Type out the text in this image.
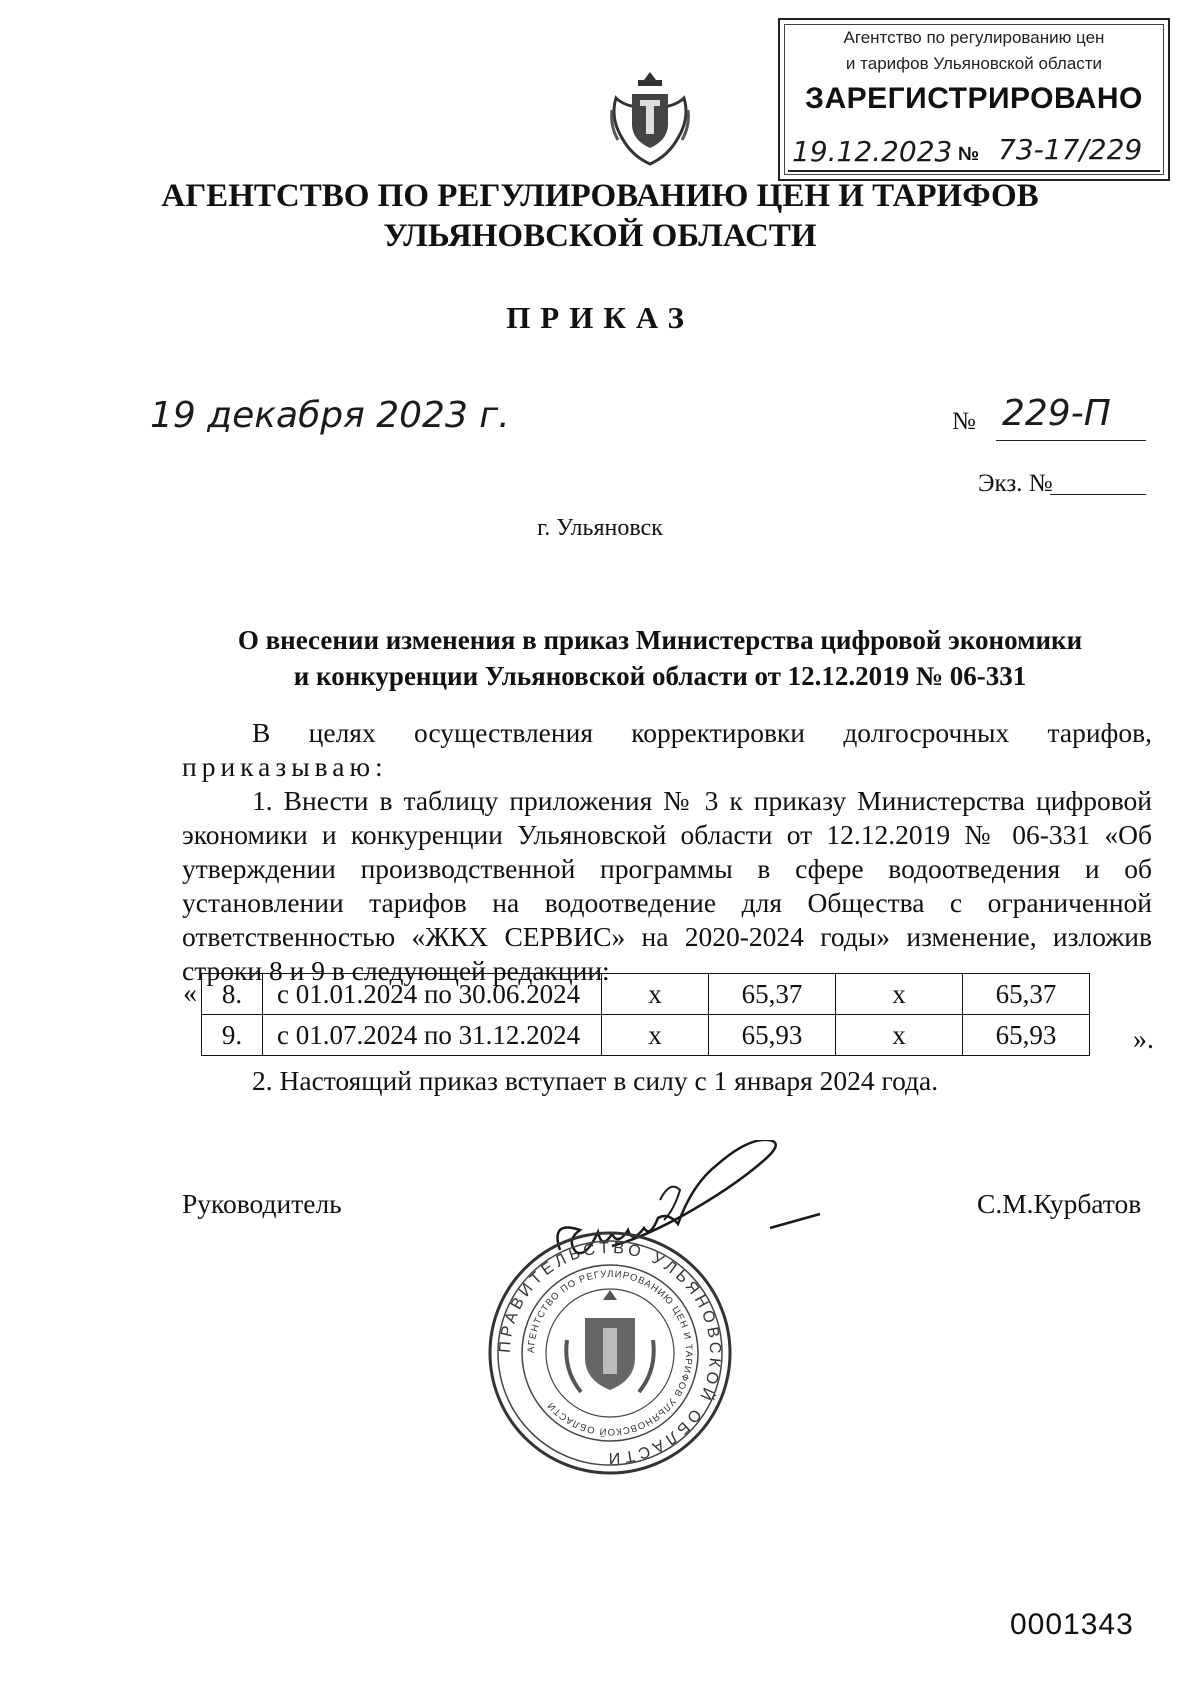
Агентство по регулированию цен
и тарифов Ульяновской области
ЗАРЕГИСТРИРОВАНО
19.12.2023 № 73-17/229
АГЕНТСТВО ПО РЕГУЛИРОВАНИЮ ЦЕН И ТАРИФОВ
УЛЬЯНОВСКОЙ ОБЛАСТИ
ПРИКАЗ
19 декабря 2023 г.	№ 229-П
Экз. №
г. Ульяновск
О внесении изменения в приказ Министерства цифровой экономики
и конкуренции Ульяновской области от 12.12.2019 № 06-331
В целях осуществления корректировки долгосрочных тарифов,
приказываю:
1. Внести в таблицу приложения № 3 к приказу Министерства цифровой экономики и конкуренции Ульяновской области от 12.12.2019 № 06-331 «Об утверждении производственной программы в сфере водоотведения и об установлении тарифов на водоотведение для Общества с ограниченной ответственностью «ЖКХ СЕРВИС» на 2020-2024 годы» изменение, изложив строки 8 и 9 в следующей редакции:
« 8.	с 01.01.2024 по 30.06.2024	х	65,37	х	65,37
9.	с 01.07.2024 по 31.12.2024	х	65,93	х	65,93	».
2. Настоящий приказ вступает в силу с 1 января 2024 года.
Руководитель	С.М.Курбатов
ПРАВИТЕЛЬСТВО УЛЬЯНОВСКОЙ ОБЛАСТИ
АГЕНТСТВО ПО РЕГУЛИРОВАНИЮ ЦЕН И ТАРИФОВ УЛЬЯНОВСКОЙ ОБЛАСТИ
0001343
